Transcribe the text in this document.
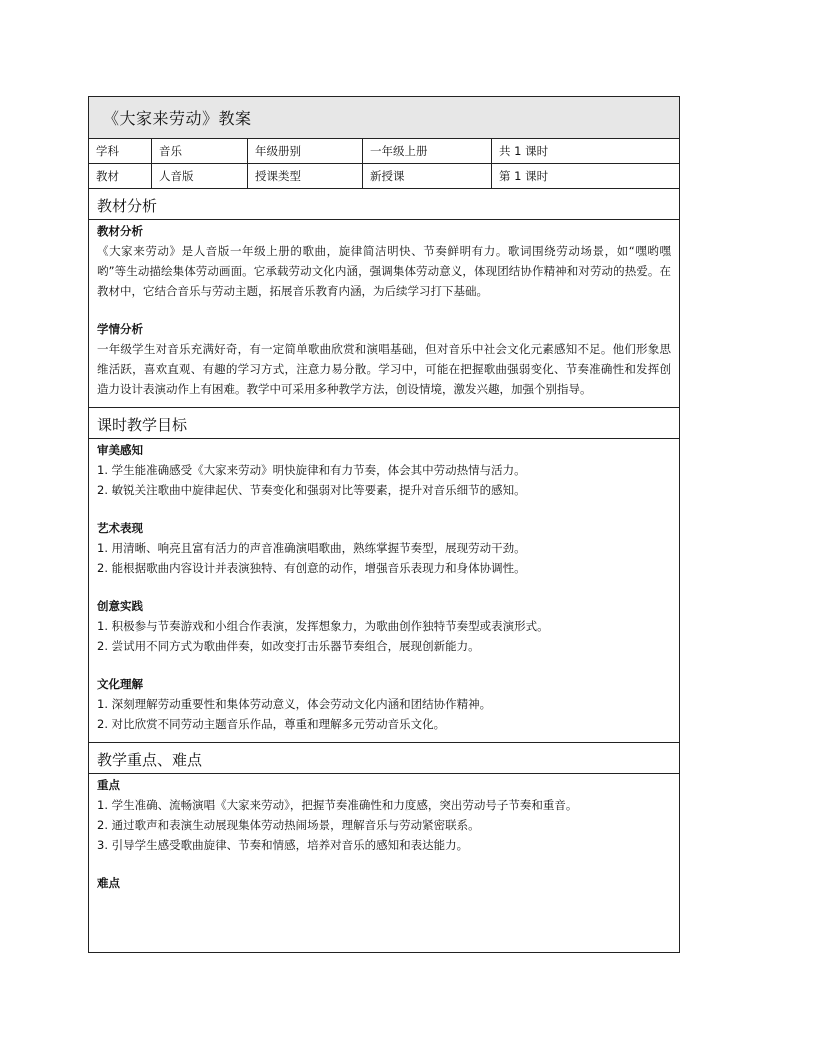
《大家来劳动》教案
学科	音乐	年级册别	一年级上册	共 1 课时
教材	人音版	授课类型	新授课	第 1 课时
教材分析

教材分析

《大家来劳动》是人音版一年级上册的歌曲，旋律简洁明快、节奏鲜明有力。歌词围绕劳动场景，如“嘿哟嘿哟”等生动描绘集体劳动画面。它承载劳动文化内涵，强调集体劳动意义，体现团结协作精神和对劳动的热爱。在教材中，它结合音乐与劳动主题，拓展音乐教育内涵，为后续学习打下基础。

学情分析

一年级学生对音乐充满好奇，有一定简单歌曲欣赏和演唱基础，但对音乐中社会文化元素感知不足。他们形象思维活跃，喜欢直观、有趣的学习方式，注意力易分散。学习中，可能在把握歌曲强弱变化、节奏准确性和发挥创造力设计表演动作上有困难。教学中可采用多种教学方法，创设情境，激发兴趣，加强个别指导。

课时教学目标

审美感知

1. 学生能准确感受《大家来劳动》明快旋律和有力节奏，体会其中劳动热情与活力。

2. 敏锐关注歌曲中旋律起伏、节奏变化和强弱对比等要素，提升对音乐细节的感知。

艺术表现

1. 用清晰、响亮且富有活力的声音准确演唱歌曲，熟练掌握节奏型，展现劳动干劲。

2. 能根据歌曲内容设计并表演独特、有创意的动作，增强音乐表现力和身体协调性。

创意实践

1. 积极参与节奏游戏和小组合作表演，发挥想象力，为歌曲创作独特节奏型或表演形式。

2. 尝试用不同方式为歌曲伴奏，如改变打击乐器节奏组合，展现创新能力。

文化理解

1. 深刻理解劳动重要性和集体劳动意义，体会劳动文化内涵和团结协作精神。

2. 对比欣赏不同劳动主题音乐作品，尊重和理解多元劳动音乐文化。

教学重点、难点

重点

1. 学生准确、流畅演唱《大家来劳动》，把握节奏准确性和力度感，突出劳动号子节奏和重音。

2. 通过歌声和表演生动展现集体劳动热闹场景，理解音乐与劳动紧密联系。

3. 引导学生感受歌曲旋律、节奏和情感，培养对音乐的感知和表达能力。

难点
